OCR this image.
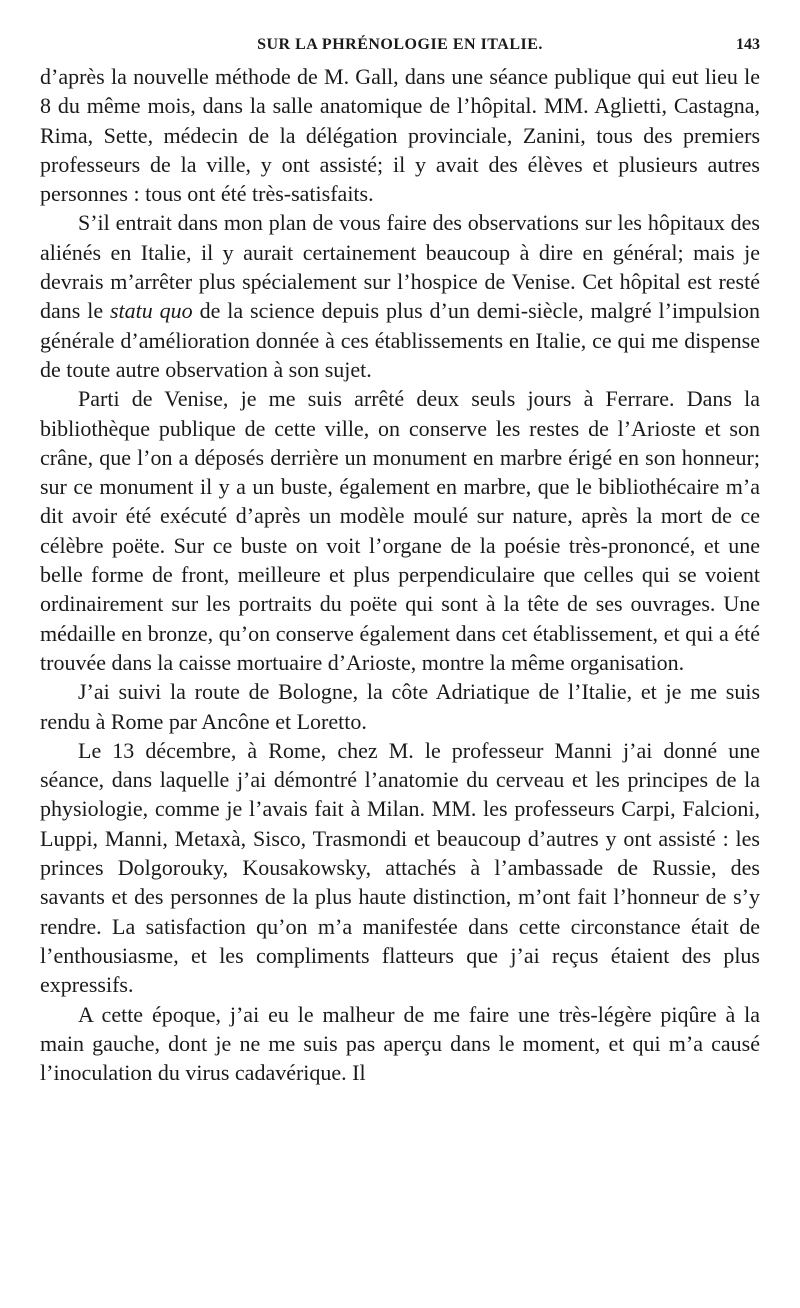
SUR LA PHRÉNOLOGIE EN ITALIE.	143

d’après la nouvelle méthode de M. Gall, dans une séance publique qui eut lieu le 8 du même mois, dans la salle anatomique de l’hôpital. MM. Aglietti, Castagna, Rima, Sette, médecin de la délégation provinciale, Zanini, tous des premiers professeurs de la ville, y ont assisté; il y avait des élèves et plusieurs autres personnes : tous ont été très-satisfaits.

S’il entrait dans mon plan de vous faire des observations sur les hôpitaux des aliénés en Italie, il y aurait certainement beaucoup à dire en général; mais je devrais m’arrêter plus spécialement sur l’hospice de Venise. Cet hôpital est resté dans le statu quo de la science depuis plus d’un demi-siècle, malgré l’impulsion générale d’amélioration donnée à ces établissements en Italie, ce qui me dispense de toute autre observation à son sujet.

Parti de Venise, je me suis arrêté deux seuls jours à Ferrare. Dans la bibliothèque publique de cette ville, on conserve les restes de l’Arioste et son crâne, que l’on a déposés derrière un monument en marbre érigé en son honneur; sur ce monument il y a un buste, également en marbre, que le bibliothécaire m’a dit avoir été exécuté d’après un modèle moulé sur nature, après la mort de ce célèbre poëte. Sur ce buste on voit l’organe de la poésie très-prononcé, et une belle forme de front, meilleure et plus perpendiculaire que celles qui se voient ordinairement sur les portraits du poëte qui sont à la tête de ses ouvrages. Une médaille en bronze, qu’on conserve également dans cet établissement, et qui a été trouvée dans la caisse mortuaire d’Arioste, montre la même organisation.

J’ai suivi la route de Bologne, la côte Adriatique de l’Italie, et je me suis rendu à Rome par Ancône et Loretto.

Le 13 décembre, à Rome, chez M. le professeur Manni j’ai donné une séance, dans laquelle j’ai démontré l’anatomie du cerveau et les principes de la physiologie, comme je l’avais fait à Milan. MM. les professeurs Carpi, Falcioni, Luppi, Manni, Metaxà, Sisco, Trasmondi et beaucoup d’autres y ont assisté : les princes Dolgorouky, Kousakowsky, attachés à l’ambassade de Russie, des savants et des personnes de la plus haute distinction, m’ont fait l’honneur de s’y rendre. La satisfaction qu’on m’a manifestée dans cette circonstance était de l’enthousiasme, et les compliments flatteurs que j’ai reçus étaient des plus expressifs.

A cette époque, j’ai eu le malheur de me faire une très-légère piqûre à la main gauche, dont je ne me suis pas aperçu dans le moment, et qui m’a causé l’inoculation du virus cadavérique. Il
